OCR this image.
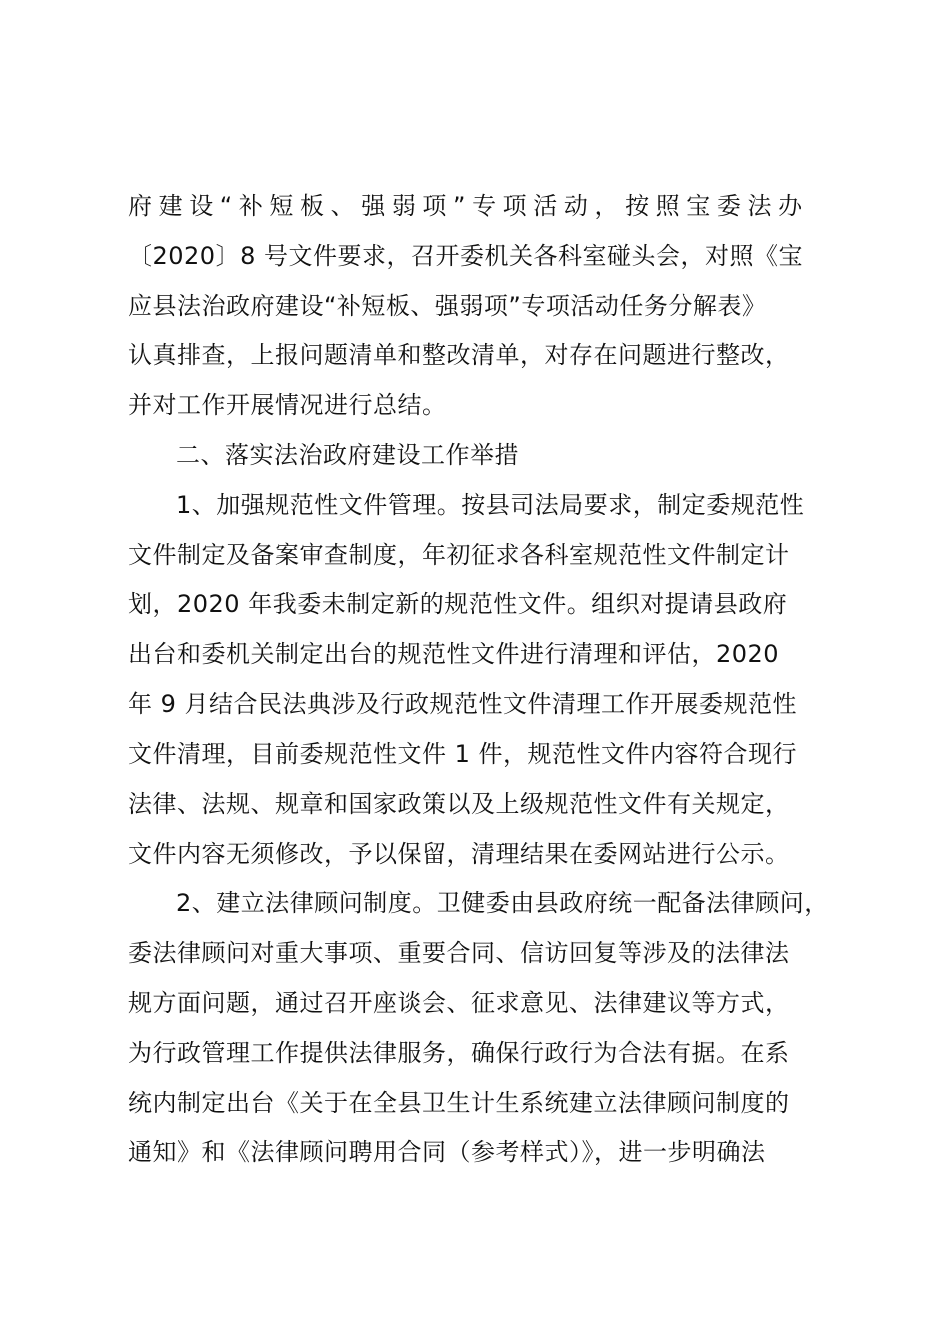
府建设“补短板、强弱项”专项活动，按照宝委法办
〔2020〕8 号文件要求，召开委机关各科室碰头会，对照《宝
应县法治政府建设“补短板、强弱项”专项活动任务分解表》
认真排查，上报问题清单和整改清单，对存在问题进行整改，
并对工作开展情况进行总结。
二、落实法治政府建设工作举措
1、加强规范性文件管理。按县司法局要求，制定委规范性
文件制定及备案审查制度，年初征求各科室规范性文件制定计
划，2020 年我委未制定新的规范性文件。组织对提请县政府
出台和委机关制定出台的规范性文件进行清理和评估，2020
年 9 月结合民法典涉及行政规范性文件清理工作开展委规范性
文件清理，目前委规范性文件 1 件，规范性文件内容符合现行
法律、法规、规章和国家政策以及上级规范性文件有关规定，
文件内容无须修改，予以保留，清理结果在委网站进行公示。
2、建立法律顾问制度。卫健委由县政府统一配备法律顾问，
委法律顾问对重大事项、重要合同、信访回复等涉及的法律法
规方面问题，通过召开座谈会、征求意见、法律建议等方式，
为行政管理工作提供法律服务，确保行政行为合法有据。在系
统内制定出台《关于在全县卫生计生系统建立法律顾问制度的
通知》和《法律顾问聘用合同（参考样式）》，进一步明确法
